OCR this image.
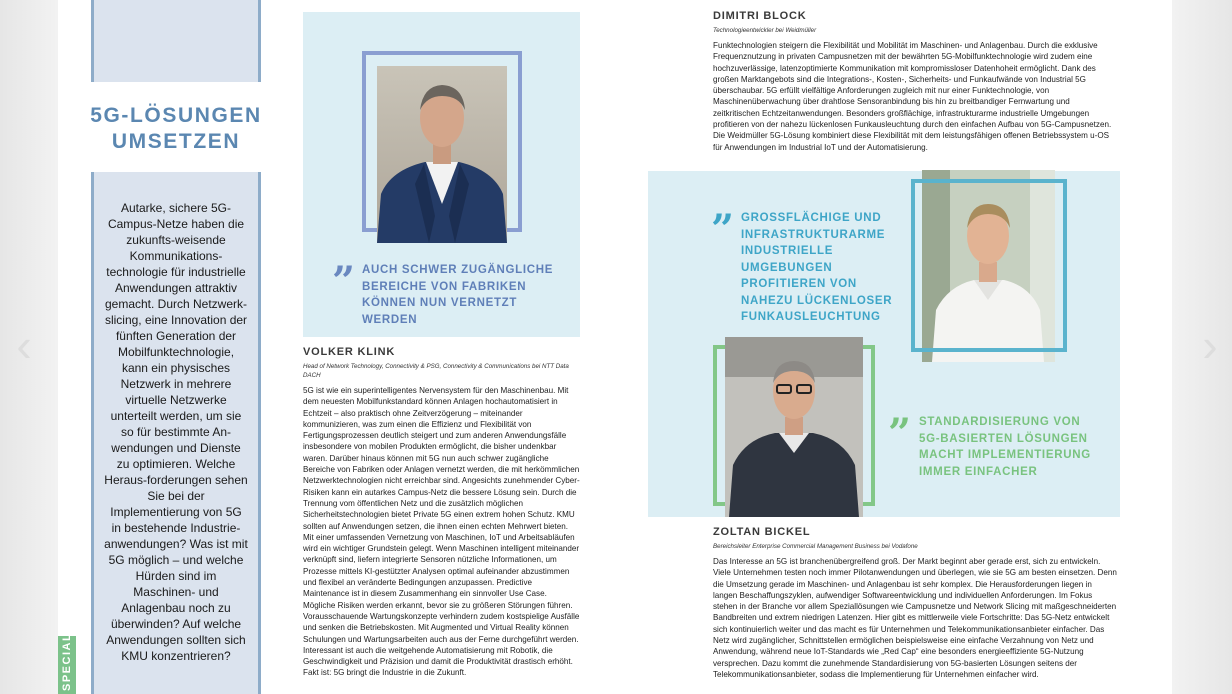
‹	›
5G-LÖSUNGEN UMSETZEN

Autarke, sichere 5G-Campus-Netze haben die zukunfts-weisende Kommunikations-technologie für industrielle Anwendungen attraktiv gemacht. Durch Netzwerk-slicing, eine Innovation der fünften Generation der Mobilfunktechnologie, kann ein physisches Netzwerk in mehrere virtuelle Netzwerke unterteilt werden, um sie so für bestimmte An-wendungen und Dienste zu optimieren. Welche Heraus-forderungen sehen Sie bei der Implementierung von 5G in bestehende Industrie-anwendungen? Was ist mit 5G möglich – und welche Hürden sind im Maschinen- und Anlagenbau noch zu überwinden? Auf welche Anwendungen sollten sich KMU konzentrieren?

SPECIAL
” AUCH SCHWER ZUGÄNGLICHE BEREICHE VON FABRIKEN KÖNNEN NUN VERNETZT WERDEN
VOLKER KLINK
Head of Network Technology, Connectivity & PSG, Connectivity & Communications bei NTT Data DACH
5G ist wie ein superintelligentes Nervensystem für den Maschinenbau. Mit dem neuesten Mobilfunkstandard können Anlagen hochautomatisiert in Echtzeit – also praktisch ohne Zeitverzögerung – miteinander kommunizieren, was zum einen die Effizienz und Flexibilität von Fertigungsprozessen deutlich steigert und zum anderen Anwendungsfälle insbesondere von mobilen Produkten ermöglicht, die bisher undenkbar waren. Darüber hinaus können mit 5G nun auch schwer zugängliche Bereiche von Fabriken oder Anlagen vernetzt werden, die mit herkömmlichen Netzwerktechnologien nicht erreichbar sind. Angesichts zunehmender Cyber-Risiken kann ein autarkes Campus-Netz die bessere Lösung sein. Durch die Trennung vom öffentlichen Netz und die zusätzlich möglichen Sicherheitstechnologien bietet Private 5G einen extrem hohen Schutz. KMU sollten auf Anwendungen setzen, die ihnen einen echten Mehrwert bieten. Mit einer umfassenden Vernetzung von Maschinen, IoT und Arbeitsabläufen wird ein wichtiger Grundstein gelegt. Wenn Maschinen intelligent miteinander verknüpft sind, liefern integrierte Sensoren nützliche Informationen, um Prozesse mittels KI-gestützter Analysen optimal aufeinander abzustimmen und flexibel an veränderte Bedingungen anzupassen. Predictive Maintenance ist in diesem Zusammenhang ein sinnvoller Use Case. Mögliche Risiken werden erkannt, bevor sie zu größeren Störungen führen. Vorausschauende Wartungskonzepte verhindern zudem kostspielige Ausfälle und senken die Betriebskosten. Mit Augmented und Virtual Reality können Schulungen und Wartungsarbeiten auch aus der Ferne durchgeführt werden. Interessant ist auch die weitgehende Automatisierung mit Robotik, die Geschwindigkeit und Präzision und damit die Produktivität drastisch erhöht. Fakt ist: 5G bringt die Industrie in die Zukunft.
DIMITRI BLOCK
Technologieentwickler bei Weidmüller
Funktechnologien steigern die Flexibilität und Mobilität im Maschinen- und Anlagenbau. Durch die exklusive Frequenznutzung in privaten Campusnetzen mit der bewährten 5G-Mobilfunktechnologie wird zudem eine hochzuverlässige, latenzoptimierte Kommunikation mit kompromissloser Datenhoheit ermöglicht. Dank des großen Marktangebots sind die Integrations-, Kosten-, Sicherheits- und Funkaufwände von Industrial 5G überschaubar. 5G erfüllt vielfältige Anforderungen zugleich mit nur einer Funktechnologie, von Maschinenüberwachung über drahtlose Sensoranbindung bis hin zu breitbandiger Fernwartung und zeitkritischen Echtzeitanwendungen. Besonders großflächige, infrastrukturarme industrielle Umgebungen profitieren von der nahezu lückenlosen Funkausleuchtung durch den einfachen Aufbau von 5G-Campusnetzen. Die Weidmüller 5G-Lösung kombiniert diese Flexibilität mit dem leistungsfähigen offenen Betriebssystem u-OS für Anwendungen im Industrial IoT und der Automatisierung.
” GROSSFLÄCHIGE UND INFRASTRUKTURARME INDUSTRIELLE UMGEBUNGEN PROFITIEREN VON NAHEZU LÜCKENLOSER FUNKAUSLEUCHTUNG
” STANDARDISIERUNG VON 5G-BASIERTEN LÖSUNGEN MACHT IMPLEMENTIERUNG IMMER EINFACHER
ZOLTAN BICKEL
Bereichsleiter Enterprise Commercial Management Business bei Vodafone
Das Interesse an 5G ist branchenübergreifend groß. Der Markt beginnt aber gerade erst, sich zu entwickeln. Viele Unternehmen testen noch immer Pilotanwendungen und überlegen, wie sie 5G am besten einsetzen. Denn die Umsetzung gerade im Maschinen- und Anlagenbau ist sehr komplex. Die Herausforderungen liegen in langen Beschaffungszyklen, aufwendiger Softwareentwicklung und individuellen Anforderungen. Im Fokus stehen in der Branche vor allem Speziallösungen wie Campusnetze und Network Slicing mit maßgeschneiderten Bandbreiten und extrem niedrigen Latenzen. Hier gibt es mittlerweile viele Fortschritte: Das 5G-Netz entwickelt sich kontinuierlich weiter und das macht es für Unternehmen und Telekommunikationsanbieter einfacher. Das Netz wird zugänglicher, Schnittstellen ermöglichen beispielsweise eine einfache Verzahnung von Netz und Anwendung, während neue IoT-Standards wie „Red Cap“ eine besonders energieeffiziente 5G-Nutzung versprechen. Dazu kommt die zunehmende Standardisierung von 5G-basierten Lösungen seitens der Telekommunikationsanbieter, sodass die Implementierung für Unternehmen einfacher wird.
